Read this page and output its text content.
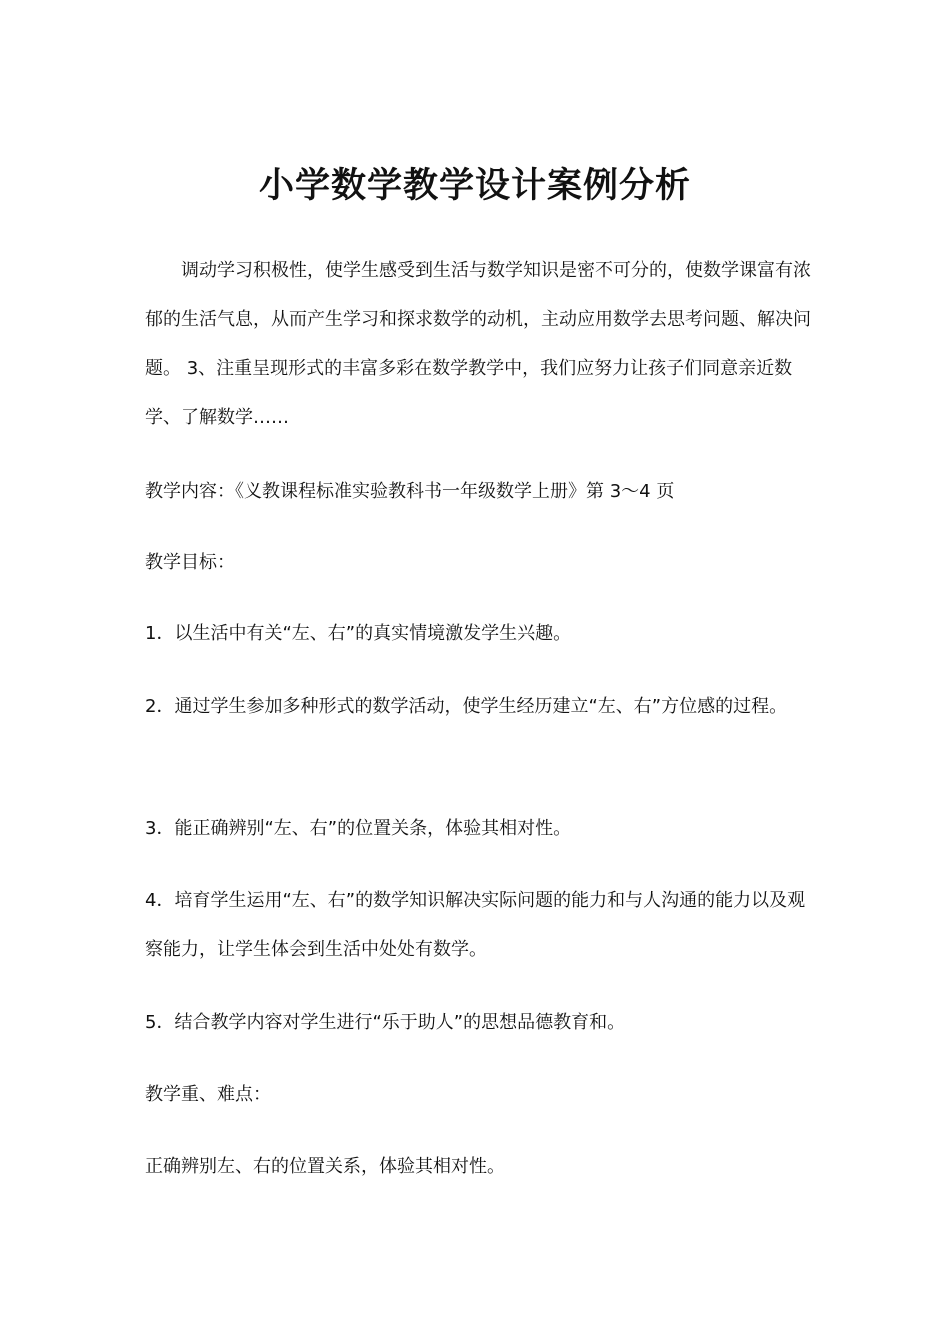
小学数学教学设计案例分析

调动学习积极性，使学生感受到生活与数学知识是密不可分的，使数学课富有浓郁的生活气息，从而产生学习和探求数学的动机，主动应用数学去思考问题、解决问题。 3、注重呈现形式的丰富多彩在数学教学中，我们应努力让孩子们同意亲近数学、了解数学……

教学内容：《义教课程标准实验教科书一年级数学上册》第 3～4 页

教学目标：

1．以生活中有关“左、右”的真实情境激发学生兴趣。

2．通过学生参加多种形式的数学活动，使学生经历建立“左、右”方位感的过程。

3．能正确辨别“左、右”的位置关条，体验其相对性。

4．培育学生运用“左、右”的数学知识解决实际问题的能力和与人沟通的能力以及观察能力，让学生体会到生活中处处有数学。

5．结合教学内容对学生进行“乐于助人”的思想品德教育和。

教学重、难点：

正确辨别左、右的位置关系，体验其相对性。
